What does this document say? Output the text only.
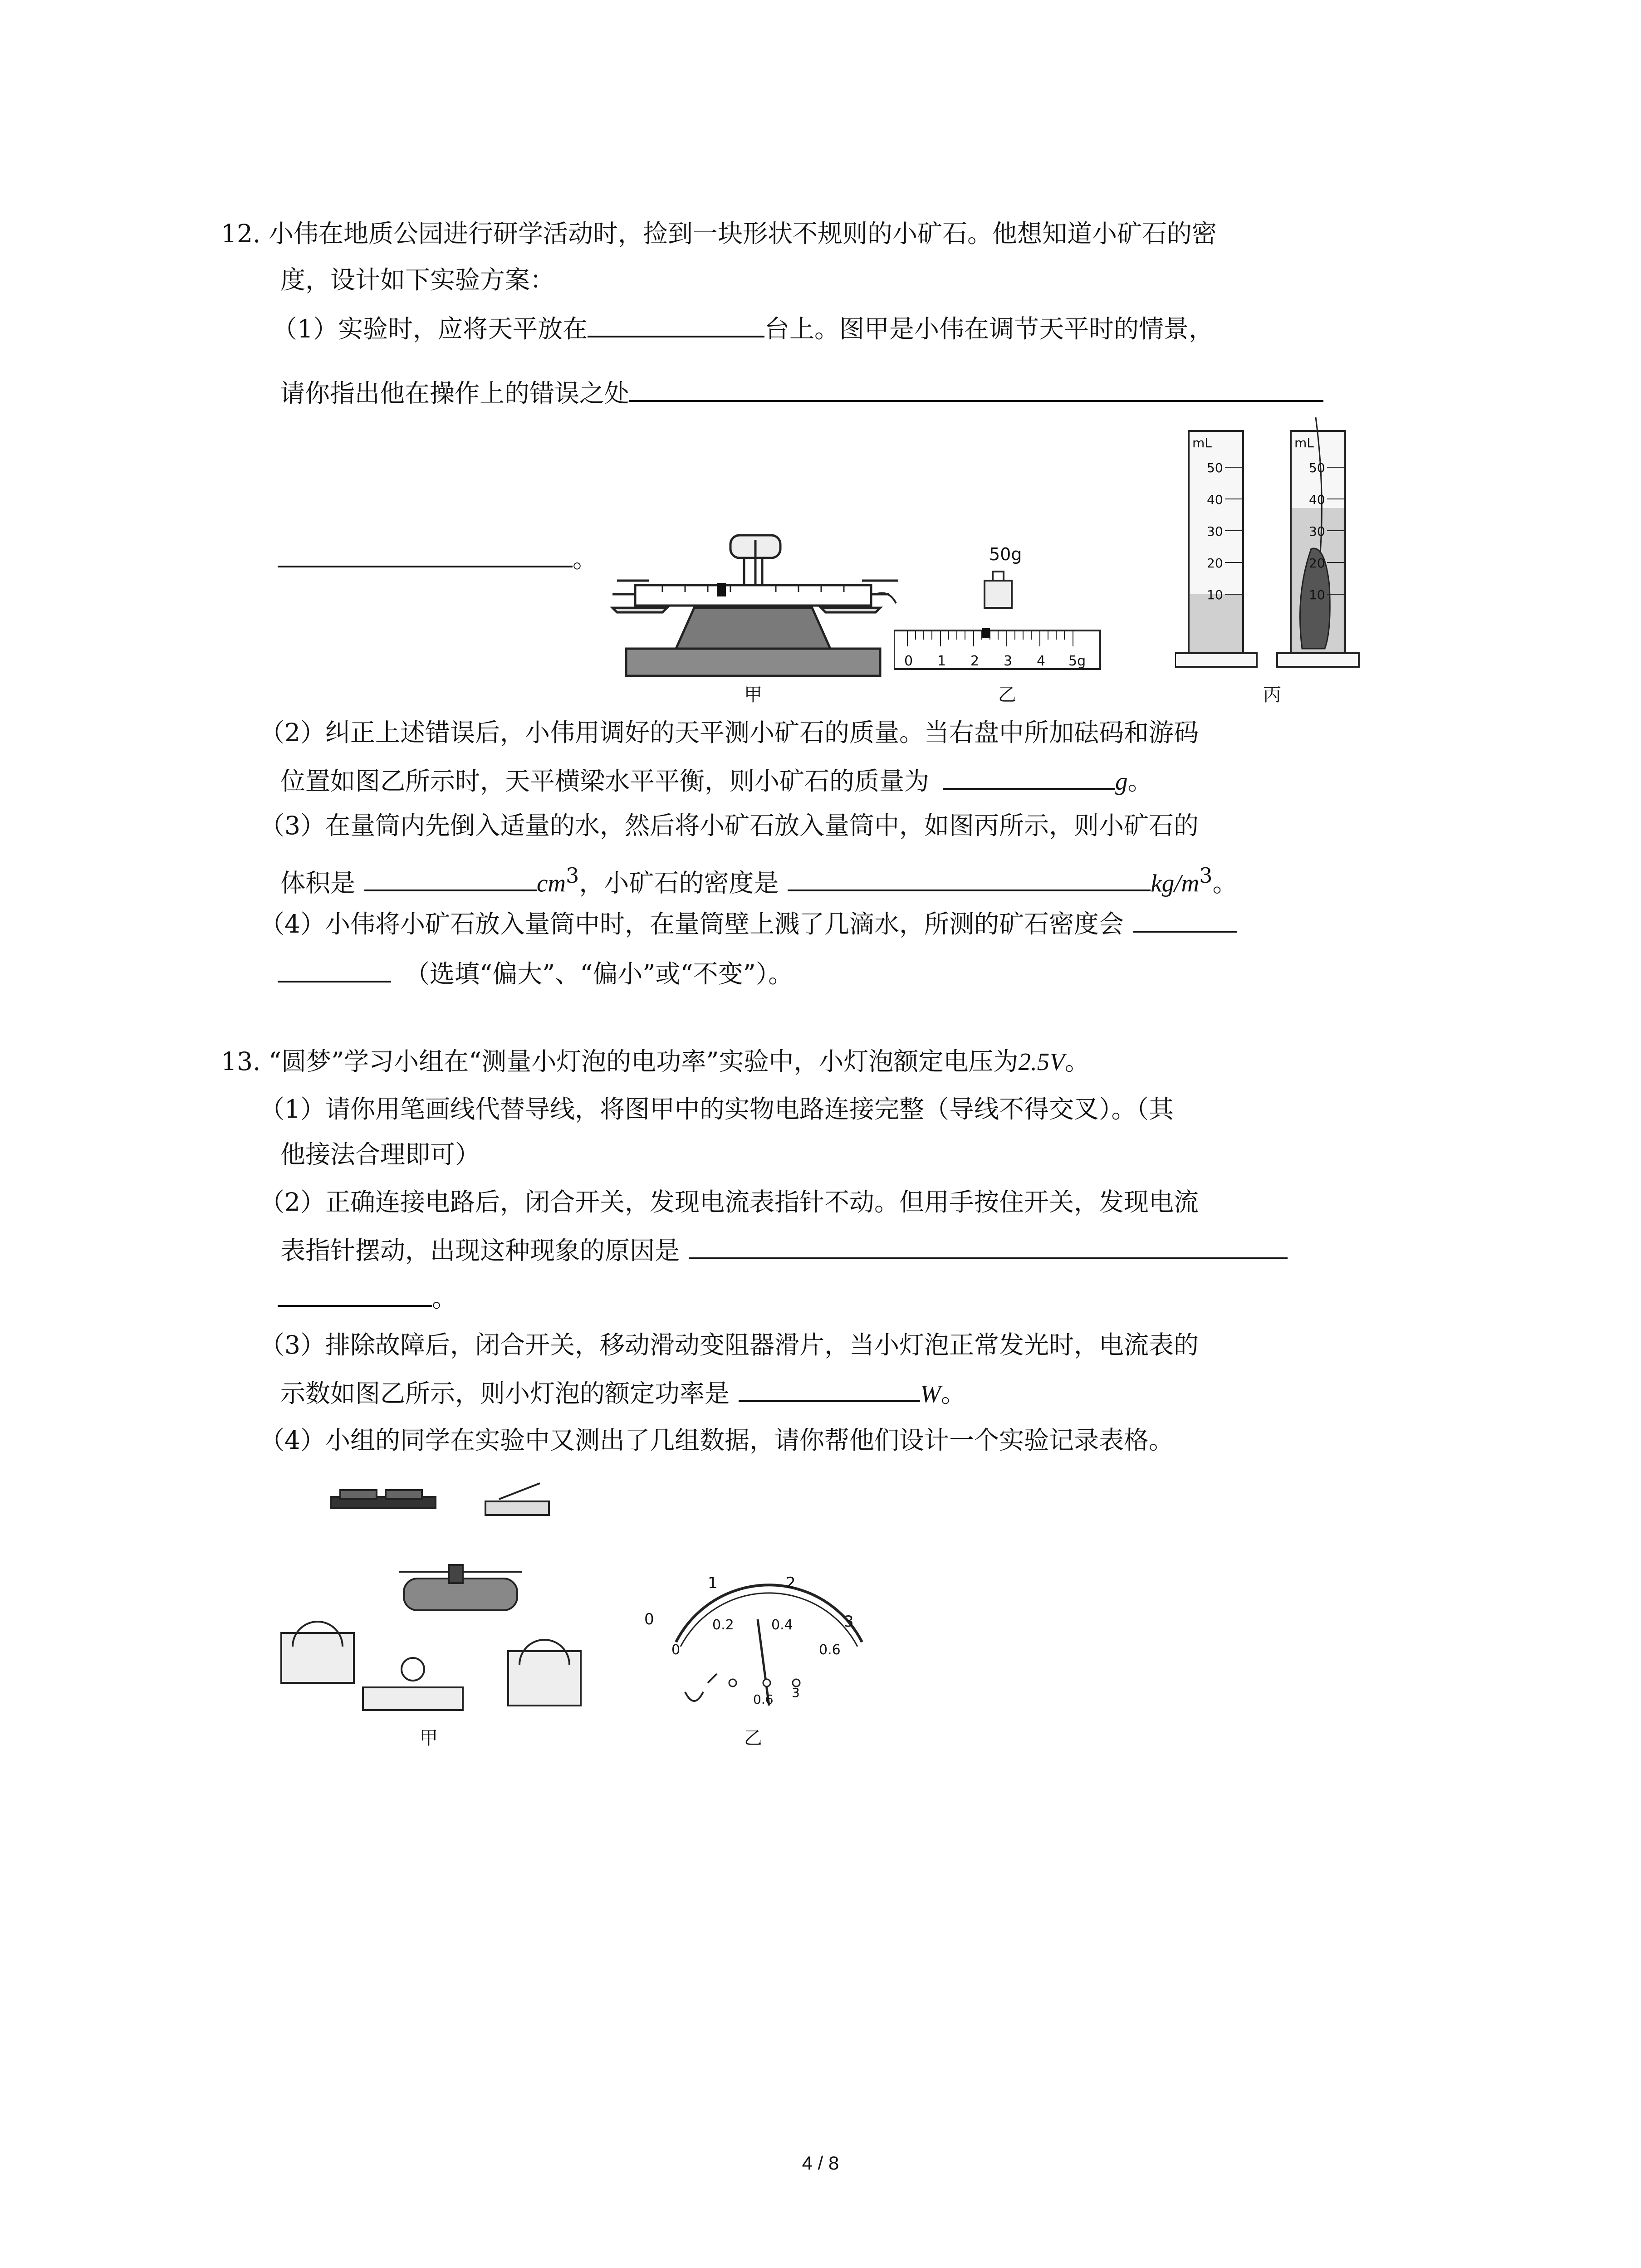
12. 小伟在地质公园进行研学活动时，捡到一块形状不规则的小矿石。他想知道小矿石的密
度，设计如下实验方案：
（1）实验时，应将天平放在	台上。图甲是小伟在调节天平时的情景，
请你指出他在操作上的错误之处
。
甲
50g
0 1 2 3 4 5g
乙
mL
50
40
30
20
10
mL
50
40
30
20
10
丙
（2）纠正上述错误后，小伟用调好的天平测小矿石的质量。当右盘中所加砝码和游码
位置如图乙所示时，天平横梁水平平衡，则小矿石的质量为	g。
（3）在量筒内先倒入适量的水，然后将小矿石放入量筒中，如图丙所示，则小矿石的
体积是	$cm^3$，小矿石的密度是	$kg/m^3$。
（4）小伟将小矿石放入量筒中时，在量筒壁上溅了几滴水，所测的矿石密度会
（选填“偏大”、“偏小”或“不变”）。
13. “圆梦”学习小组在“测量小灯泡的电功率”实验中，小灯泡额定电压为2.5V。
（1）请你用笔画线代替导线，将图甲中的实物电路连接完整（导线不得交叉）。（其
他接法合理即可）
（2）正确连接电路后，闭合开关，发现电流表指针不动。但用手按住开关，发现电流
表指针摆动，出现这种现象的原因是
。
（3）排除故障后，闭合开关，移动滑动变阻器滑片，当小灯泡正常发光时，电流表的
示数如图乙所示，则小灯泡的额定功率是	W。
（4）小组的同学在实验中又测出了几组数据，请你帮他们设计一个实验记录表格。
甲
0
1	2
3
0
0.2	0.4
0.6
0.6 3
乙
4 / 8
